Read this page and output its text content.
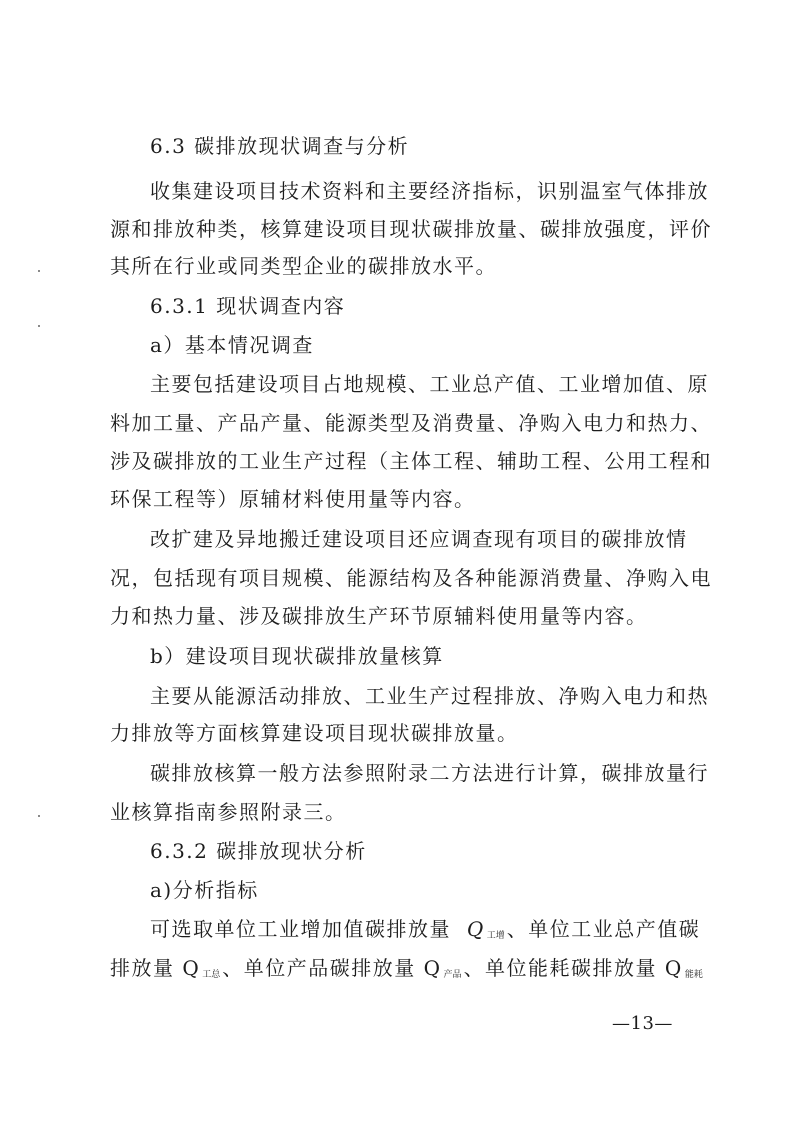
6.3 碳排放现状调查与分析
收集建设项目技术资料和主要经济指标，识别温室气体排放
源和排放种类，核算建设项目现状碳排放量、碳排放强度，评价
其所在行业或同类型企业的碳排放水平。
6.3.1 现状调查内容
a）基本情况调查
主要包括建设项目占地规模、工业总产值、工业增加值、原
料加工量、产品产量、能源类型及消费量、净购入电力和热力、
涉及碳排放的工业生产过程（主体工程、辅助工程、公用工程和
环保工程等）原辅材料使用量等内容。
改扩建及异地搬迁建设项目还应调查现有项目的碳排放情
况，包括现有项目规模、能源结构及各种能源消费量、净购入电
力和热力量、涉及碳排放生产环节原辅料使用量等内容。
b）建设项目现状碳排放量核算
主要从能源活动排放、工业生产过程排放、净购入电力和热
力排放等方面核算建设项目现状碳排放量。
碳排放核算一般方法参照附录二方法进行计算，碳排放量行
业核算指南参照附录三。
6.3.2 碳排放现状分析
a)分析指标
可选取单位工业增加值碳排放量 Q $_{工增}$ 、单位工业总产值碳
排放量 Q $_{工总}$ 、单位产品碳排放量 Q $_{产品}$ 、单位能耗碳排放量 Q $_{能耗}$
—13—
